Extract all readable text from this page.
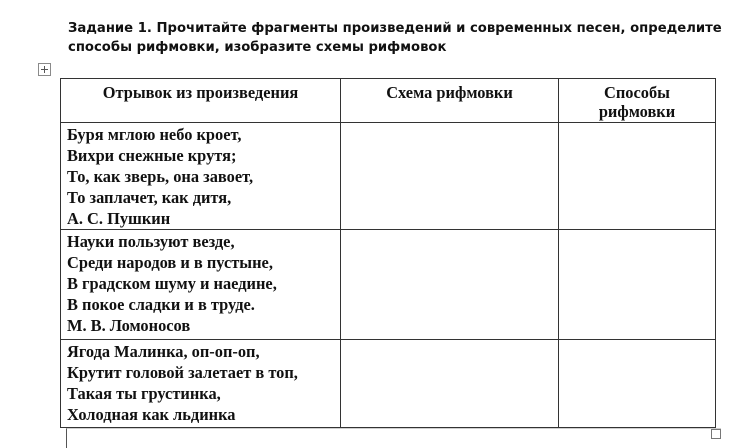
Задание 1. Прочитайте фрагменты произведений и современных песен, определите
способы рифмовки, изобразите схемы рифмовок
Отрывок из произведения	Схема рифмовки	Способы
рифмовки

Буря мглою небо кроет,
Вихри снежные крутя;
То, как зверь, она завоет,
То заплачет, как дитя,
А. С. Пушкин		

Науки пользуют везде,
Среди народов и в пустыне,
В градском шуму и наедине,
В покое сладки и в труде.
М. В. Ломоносов		

Ягода Малинка, оп-оп-оп,
Крутит головой залетает в топ,
Такая ты грустинка,
Холодная как льдинка		
